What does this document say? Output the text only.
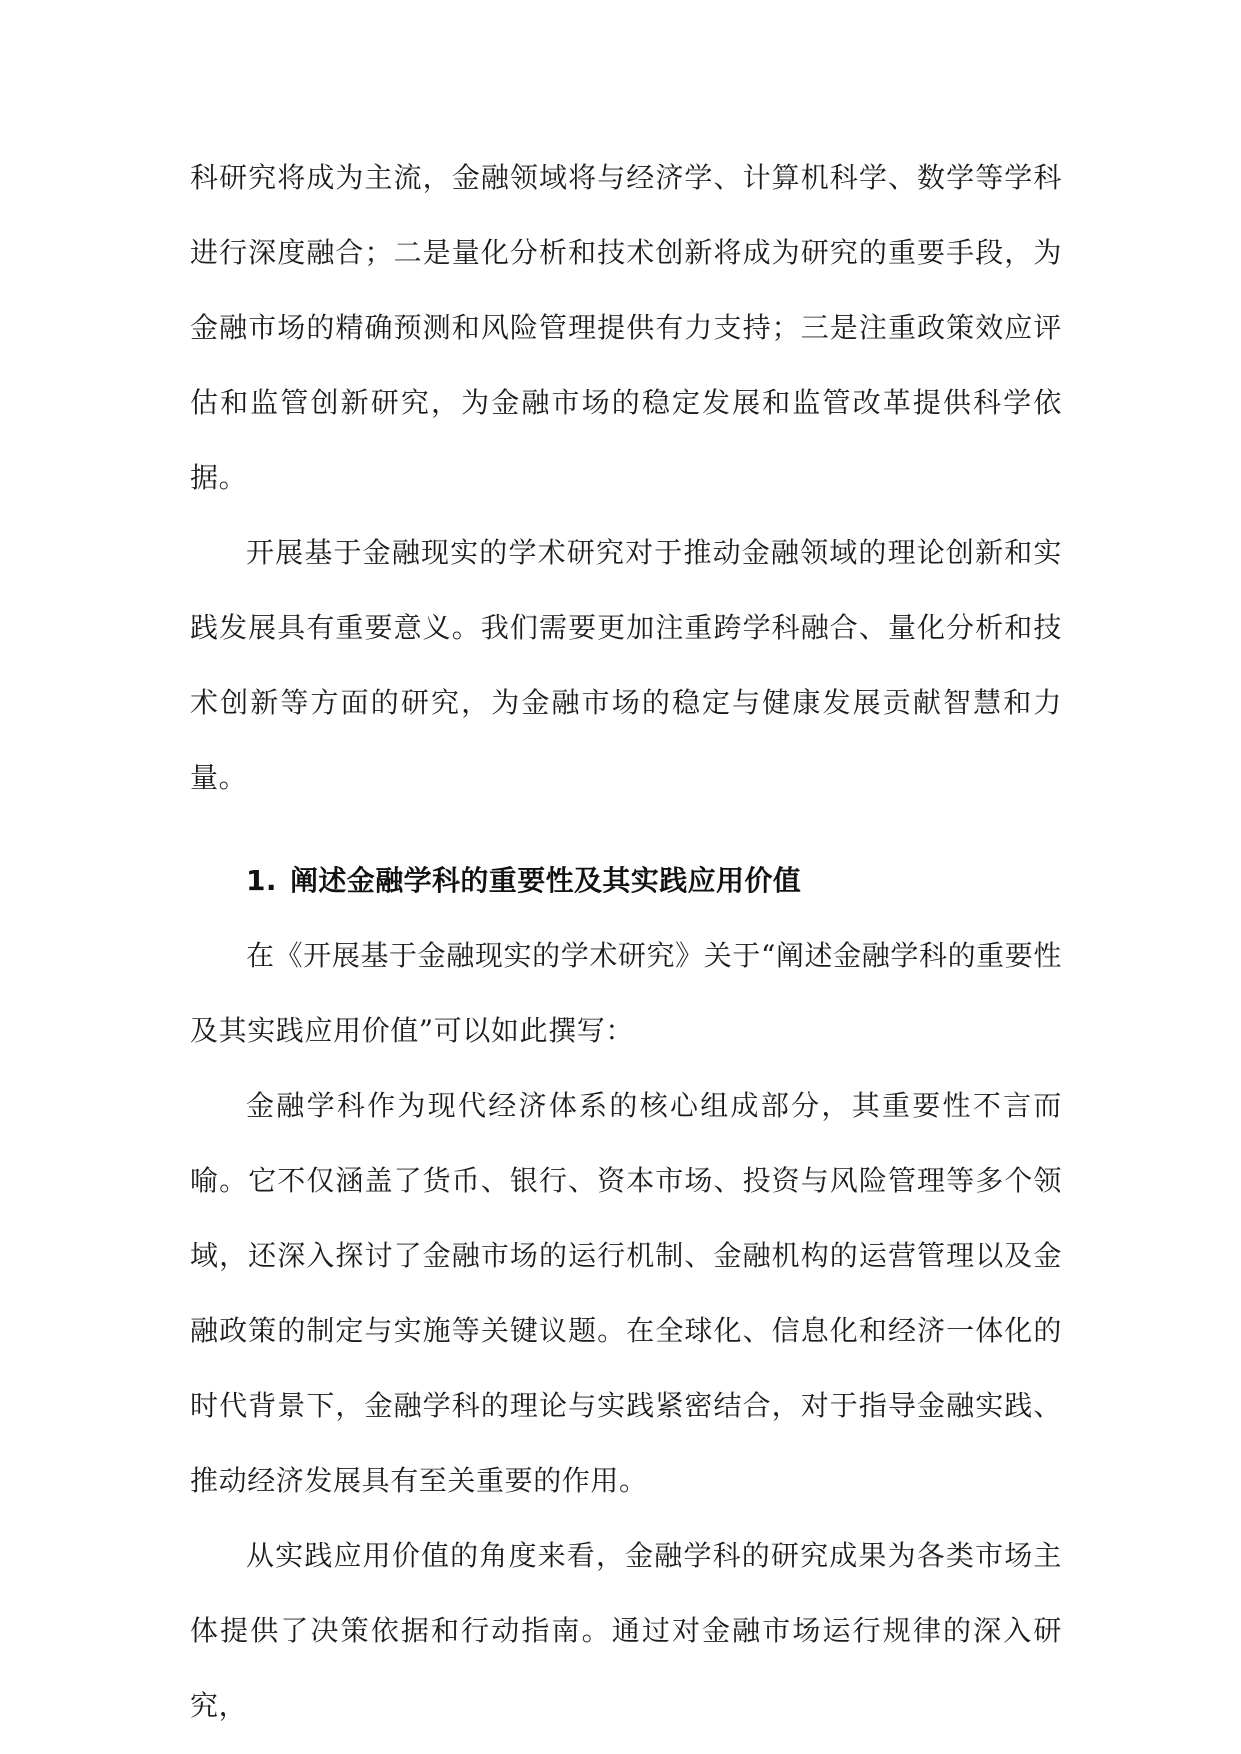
科研究将成为主流，金融领域将与经济学、计算机科学、数学等学科进行深度融合；二是量化分析和技术创新将成为研究的重要手段，为金融市场的精确预测和风险管理提供有力支持；三是注重政策效应评估和监管创新研究，为金融市场的稳定发展和监管改革提供科学依据。

开展基于金融现实的学术研究对于推动金融领域的理论创新和实践发展具有重要意义。我们需要更加注重跨学科融合、量化分析和技术创新等方面的研究，为金融市场的稳定与健康发展贡献智慧和力量。

1. 阐述金融学科的重要性及其实践应用价值

在《开展基于金融现实的学术研究》关于“阐述金融学科的重要性及其实践应用价值”可以如此撰写：

金融学科作为现代经济体系的核心组成部分，其重要性不言而喻。它不仅涵盖了货币、银行、资本市场、投资与风险管理等多个领域，还深入探讨了金融市场的运行机制、金融机构的运营管理以及金融政策的制定与实施等关键议题。在全球化、信息化和经济一体化的时代背景下，金融学科的理论与实践紧密结合，对于指导金融实践、推动经济发展具有至关重要的作用。

从实践应用价值的角度来看，金融学科的研究成果为各类市场主体提供了决策依据和行动指南。通过对金融市场运行规律的深入研究，
